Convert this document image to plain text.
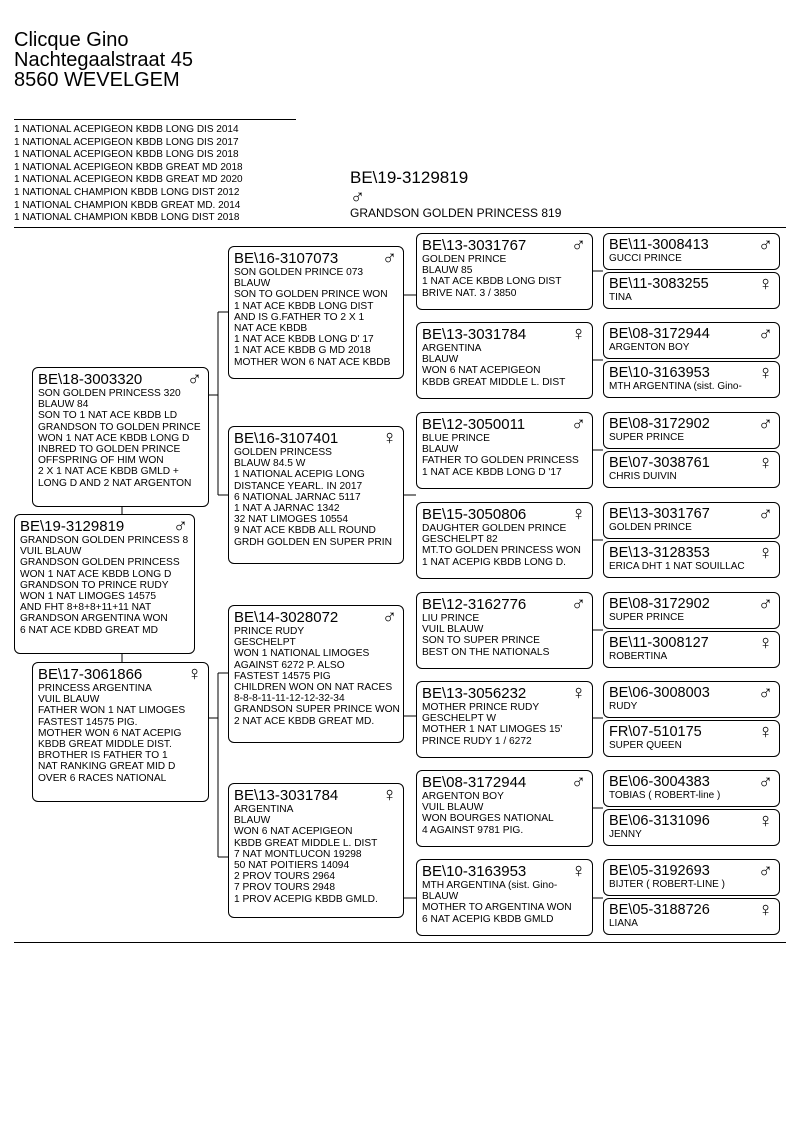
Clicque Gino
Nachtegaalstraat 45
8560 WEVELGEM
1 NATIONAL ACEPIGEON KBDB LONG DIS 2014
1 NATIONAL ACEPIGEON KBDB LONG DIS 2017
1 NATIONAL ACEPIGEON KBDB LONG DIS 2018
1 NATIONAL ACEPIGEON KBDB GREAT MD 2018
1 NATIONAL ACEPIGEON KBDB GREAT MD 2020
1 NATIONAL CHAMPION KBDB LONG DIST 2012
1 NATIONAL CHAMPION KBDB GREAT MD. 2014
1 NATIONAL CHAMPION KBDB LONG DIST 2018
BE\19-3129819
♂
GRANDSON GOLDEN PRINCESS 819
♂
BE\19-3129819
GRANDSON GOLDEN PRINCESS 8
VUIL BLAUW
GRANDSON GOLDEN PRINCESS
WON 1 NAT ACE KBDB LONG D
GRANDSON TO PRINCE RUDY
WON 1 NAT LIMOGES 14575
AND FHT 8+8+8+11+11 NAT
GRANDSON ARGENTINA WON
6 NAT ACE KDBD GREAT MD
♂
BE\18-3003320
SON GOLDEN PRINCESS 320
BLAUW 84
SON TO 1 NAT ACE KBDB LD
GRANDSON TO GOLDEN PRINCE
WON 1 NAT ACE KBDB LONG D
INBRED TO GOLDEN PRINCE
OFFSPRING OF HIM WON
2 X 1 NAT ACE KBDB GMLD +
LONG D AND 2 NAT ARGENTON
♀
BE\17-3061866
PRINCESS ARGENTINA
VUIL BLAUW
FATHER WON 1 NAT LIMOGES
FASTEST 14575 PIG.
MOTHER WON 6 NAT ACEPIG
KBDB GREAT MIDDLE DIST.
BROTHER IS FATHER TO 1
NAT RANKING GREAT MID D
OVER 6 RACES NATIONAL
♂
BE\16-3107073
SON GOLDEN PRINCE 073
BLAUW
SON TO GOLDEN PRINCE WON
1 NAT ACE KBDB LONG DIST
AND IS G.FATHER TO 2 X 1
NAT ACE KBDB
1 NAT ACE KBDB LONG D' 17
1 NAT ACE KBDB G MD 2018
MOTHER WON 6 NAT ACE KBDB
♀
BE\16-3107401
GOLDEN PRINCESS
BLAUW 84.5 W
1 NATIONAL ACEPIG LONG
DISTANCE YEARL. IN 2017
6 NATIONAL JARNAC 5117
1 NAT A JARNAC 1342
32 NAT LIMOGES 10554
9 NAT ACE KBDB ALL ROUND
GRDH GOLDEN EN SUPER PRIN
♂
BE\14-3028072
PRINCE RUDY
GESCHELPT
WON 1 NATIONAL LIMOGES
AGAINST 6272 P. ALSO
FASTEST 14575 PIG
CHILDREN WON ON NAT RACES
8-8-8-11-11-12-12-32-34
GRANDSON SUPER PRINCE WON
2 NAT ACE KBDB GREAT MD.
♀
BE\13-3031784
ARGENTINA
BLAUW
WON 6 NAT ACEPIGEON
KBDB GREAT MIDDLE L. DIST
7 NAT MONTLUCON 19298
50 NAT POITIERS 14094
2 PROV TOURS 2964
7 PROV TOURS 2948
1 PROV ACEPIG KBDB GMLD.
♂
BE\13-3031767
GOLDEN PRINCE
BLAUW 85
1 NAT ACE KBDB LONG DIST
BRIVE NAT. 3 / 3850
♀
BE\13-3031784
ARGENTINA
BLAUW
WON 6 NAT ACEPIGEON
KBDB GREAT MIDDLE L. DIST
♂
BE\12-3050011
BLUE PRINCE
BLAUW
FATHER TO GOLDEN PRINCESS
1 NAT ACE KBDB LONG D '17
♀
BE\15-3050806
DAUGHTER GOLDEN PRINCE
GESCHELPT 82
MT.TO GOLDEN PRINCESS WON
1 NAT ACEPIG KBDB LONG D.
♂
BE\12-3162776
LIU PRINCE
VUIL BLAUW
SON TO SUPER PRINCE
BEST ON THE NATIONALS
♀
BE\13-3056232
MOTHER PRINCE RUDY
GESCHELPT W
MOTHER 1 NAT LIMOGES 15'
PRINCE RUDY 1 / 6272
♂
BE\08-3172944
ARGENTON BOY
VUIL BLAUW
WON BOURGES NATIONAL
4 AGAINST 9781 PIG.
♀
BE\10-3163953
MTH ARGENTINA (sist. Gino-
BLAUW
MOTHER TO ARGENTINA WON
6 NAT ACEPIG KBDB GMLD
♂
BE\11-3008413
GUCCI PRINCE
♀
BE\11-3083255
TINA
♂
BE\08-3172944
ARGENTON BOY
♀
BE\10-3163953
MTH ARGENTINA (sist. Gino-
♂
BE\08-3172902
SUPER PRINCE
♀
BE\07-3038761
CHRIS DUIVIN
♂
BE\13-3031767
GOLDEN PRINCE
♀
BE\13-3128353
ERICA DHT 1 NAT SOUILLAC
♂
BE\08-3172902
SUPER PRINCE
♀
BE\11-3008127
ROBERTINA
♂
BE\06-3008003
RUDY
♀
FR\07-510175
SUPER QUEEN
♂
BE\06-3004383
TOBIAS ( ROBERT-line )
♀
BE\06-3131096
JENNY
♂
BE\05-3192693
BIJTER ( ROBERT-LINE )
♀
BE\05-3188726
LIANA
